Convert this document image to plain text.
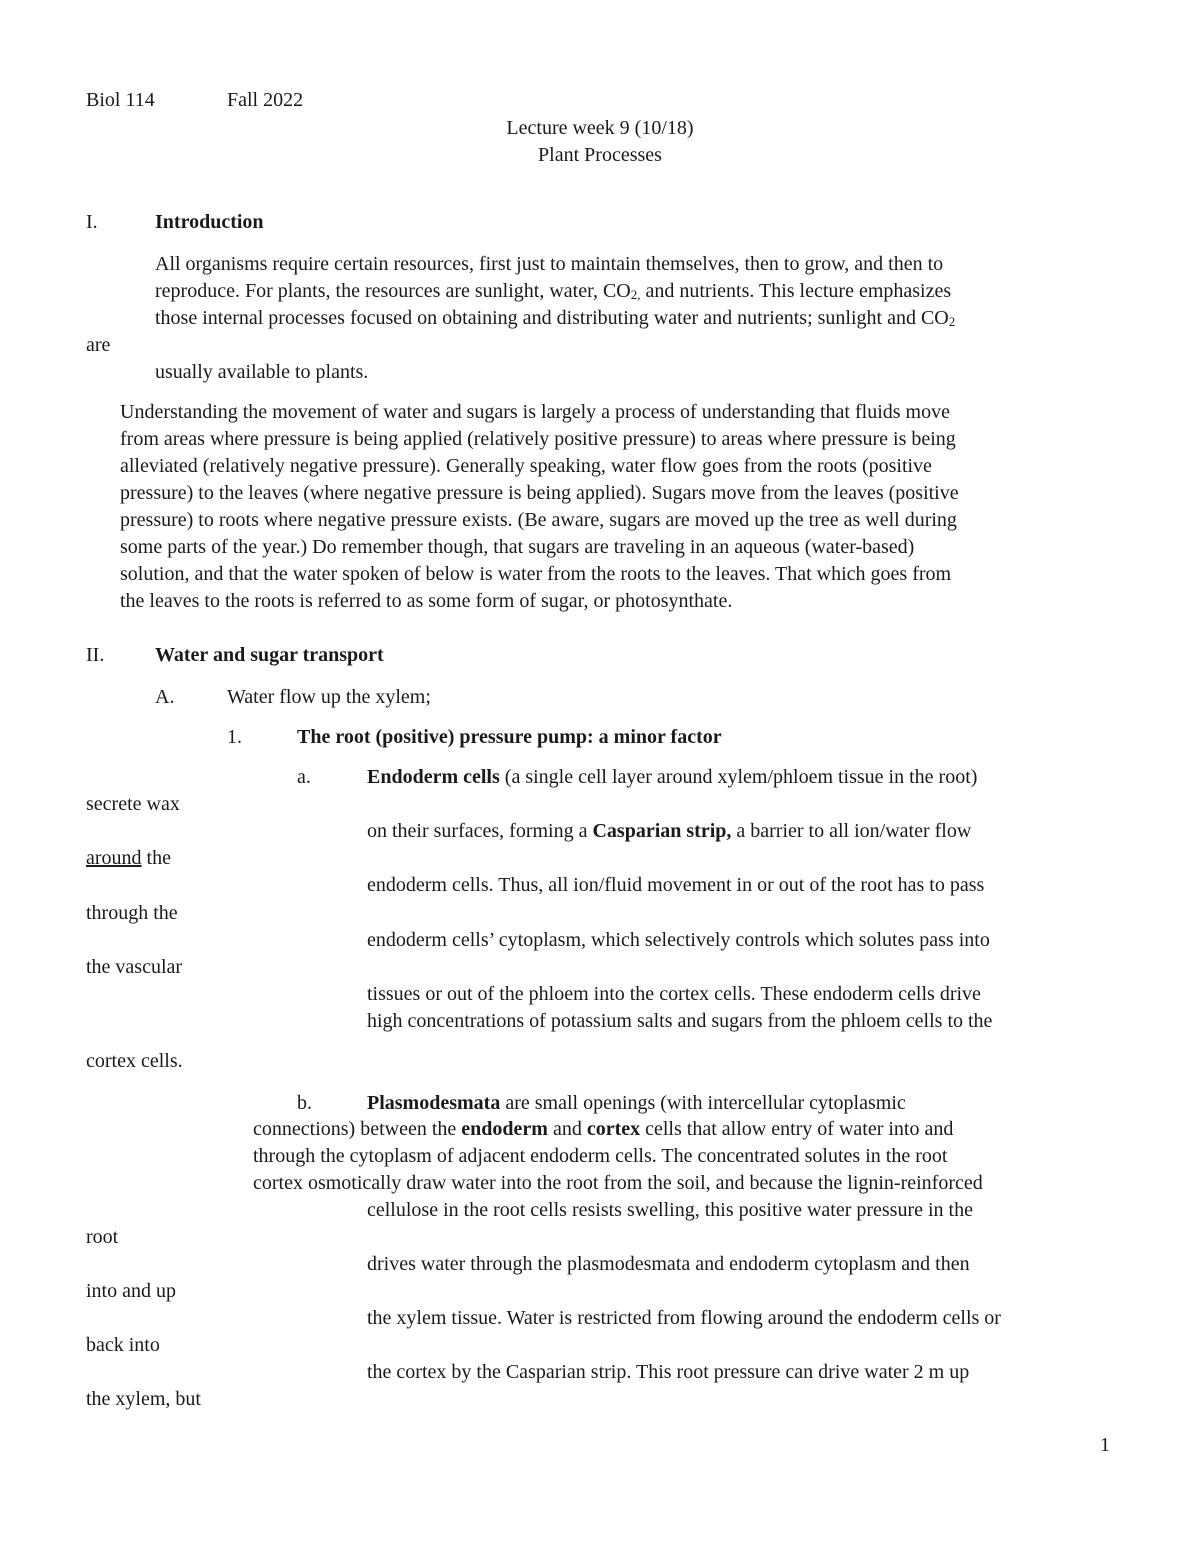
Biol 114	Fall 2022
Lecture week 9 (10/18)
Plant Processes
I.	Introduction
All organisms require certain resources, first just to maintain themselves, then to grow, and then to
reproduce. For plants, the resources are sunlight, water, $CO_{2,}$ and nutrients. This lecture emphasizes
those internal processes focused on obtaining and distributing water and nutrients; sunlight and $CO_2$
are
usually available to plants.
Understanding the movement of water and sugars is largely a process of understanding that fluids move
from areas where pressure is being applied (relatively positive pressure) to areas where pressure is being
alleviated (relatively negative pressure). Generally speaking, water flow goes from the roots (positive
pressure) to the leaves (where negative pressure is being applied). Sugars move from the leaves (positive
pressure) to roots where negative pressure exists. (Be aware, sugars are moved up the tree as well during
some parts of the year.) Do remember though, that sugars are traveling in an aqueous (water-based)
solution, and that the water spoken of below is water from the roots to the leaves. That which goes from
the leaves to the roots is referred to as some form of sugar, or photosynthate.
II.	Water and sugar transport
A.	Water flow up the xylem;
1.	The root (positive) pressure pump: a minor factor
a.	Endoderm cells (a single cell layer around xylem/phloem tissue in the root)
secrete wax
on their surfaces, forming a Casparian strip, a barrier to all ion/water flow
around the
endoderm cells. Thus, all ion/fluid movement in or out of the root has to pass
through the
endoderm cells’ cytoplasm, which selectively controls which solutes pass into
the vascular
tissues or out of the phloem into the cortex cells. These endoderm cells drive
high concentrations of potassium salts and sugars from the phloem cells to the
cortex cells.
b.	Plasmodesmata are small openings (with intercellular cytoplasmic
connections) between the endoderm and cortex cells that allow entry of water into and
through the cytoplasm of adjacent endoderm cells. The concentrated solutes in the root
cortex osmotically draw water into the root from the soil, and because the lignin-reinforced
cellulose in the root cells resists swelling, this positive water pressure in the
root
drives water through the plasmodesmata and endoderm cytoplasm and then
into and up
the xylem tissue. Water is restricted from flowing around the endoderm cells or
back into
the cortex by the Casparian strip. This root pressure can drive water 2 m up
the xylem, but
1
